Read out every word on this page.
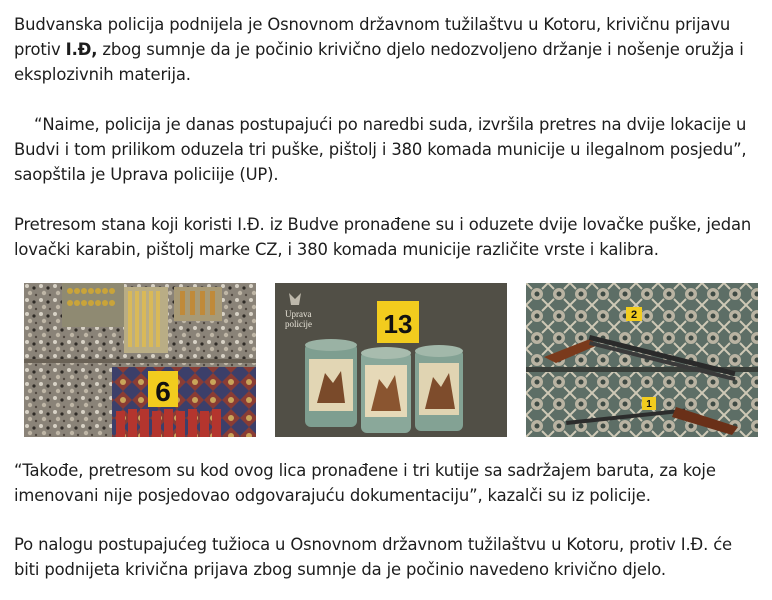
Budvanska policija podnijela je Osnovnom državnom tužilaštvu u Kotoru, krivičnu prijavu protiv I.Đ, zbog sumnje da je počinio krivično djelo nedozvoljeno držanje i nošenje oružja i eksplozivnih materija.

“Naime, policija je danas postupajući po naredbi suda, izvršila pretres na dvije lokacije u Budvi i tom prilikom oduzela tri puške, pištolj i 380 komada municije u ilegalnom posjedu”, saopštila je Uprava policiije (UP).

Pretresom stana koji koristi I.Đ. iz Budve pronađene su i oduzete dvije lovačke puške, jedan lovački karabin, pištolj marke CZ, i 380 komada municije različite vrste i kalibra.

6
Uprava policije	13	2
1

“Takođe, pretresom su kod ovog lica pronađene i tri kutije sa sadržajem baruta, za koje imenovani nije posjedovao odgovarajuću dokumentaciju”, kazalči su iz policije.

Po nalogu postupajućeg tužioca u Osnovnom državnom tužilaštvu u Kotoru, protiv I.Đ. će biti podnijeta krivična prijava zbog sumnje da je počinio navedeno krivično djelo.
